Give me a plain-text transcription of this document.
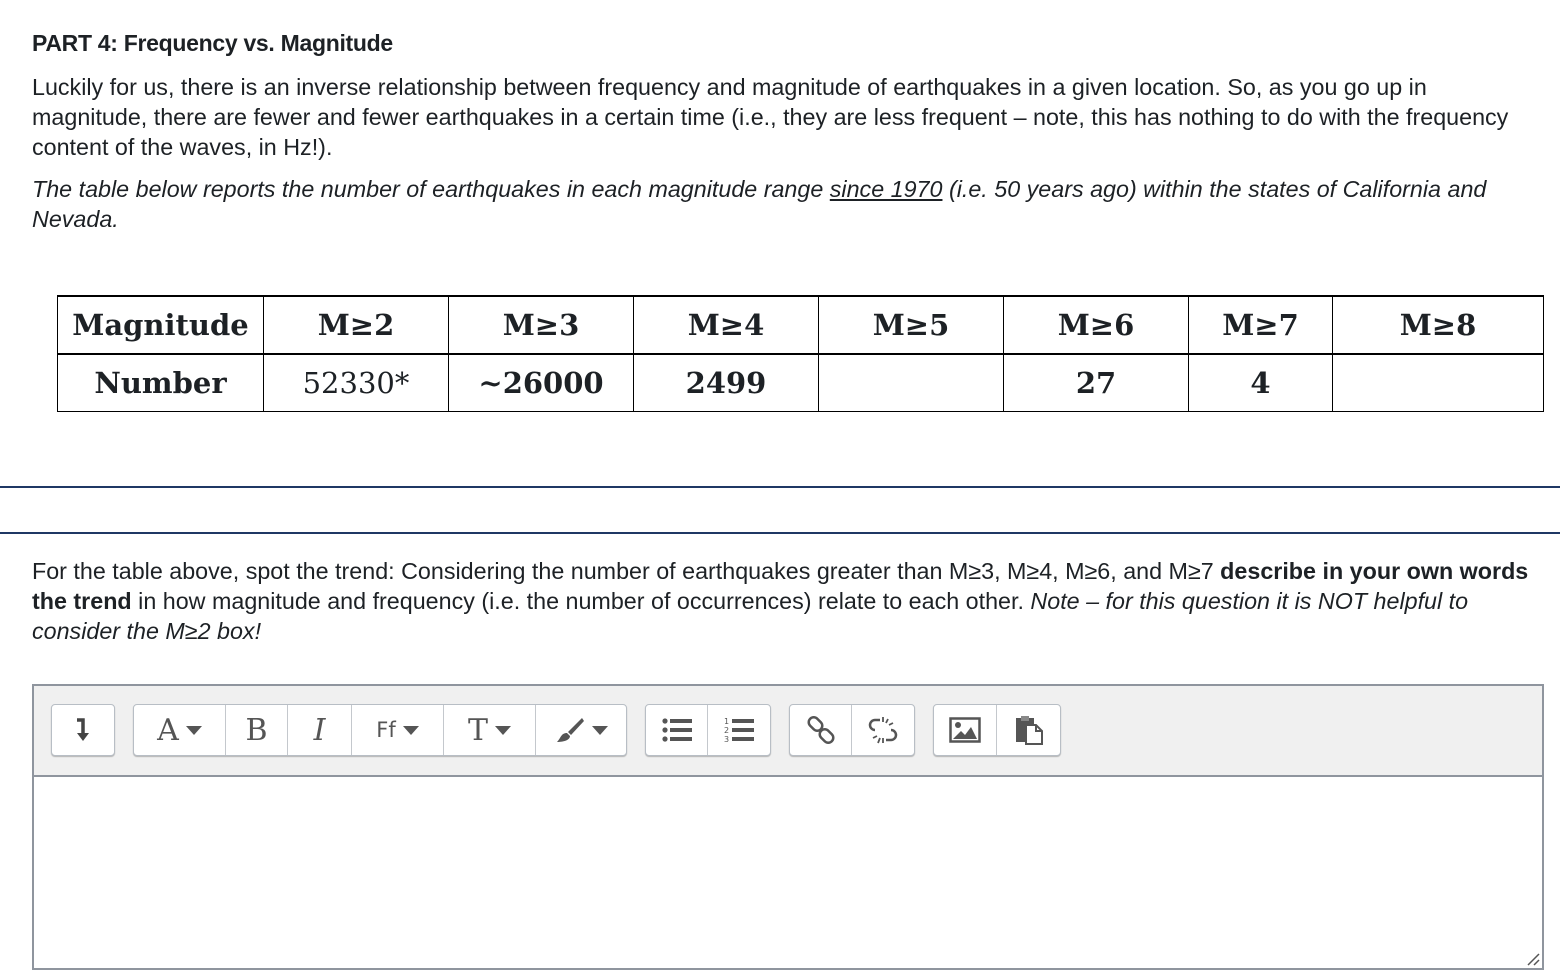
PART 4: Frequency vs. Magnitude
Luckily for us, there is an inverse relationship between frequency and magnitude of earthquakes in a given location. So, as you go up in magnitude, there are fewer and fewer earthquakes in a certain time (i.e., they are less frequent – note, this has nothing to do with the frequency content of the waves, in Hz!).
The table below reports the number of earthquakes in each magnitude range since 1970 (i.e. 50 years ago) within the states of California and Nevada.
Magnitude	M≥2	M≥3	M≥4	M≥5	M≥6	M≥7	M≥8
Number	52330*	~26000	2499		27	4	
For the table above, spot the trend: Considering the number of earthquakes greater than M≥3, M≥4, M≥6, and M≥7 describe in your own words the trend in how magnitude and frequency (i.e. the number of occurrences) relate to each other. Note – for this question it is NOT helpful to consider the M≥2 box!
A B I Ff T	1
2
3
